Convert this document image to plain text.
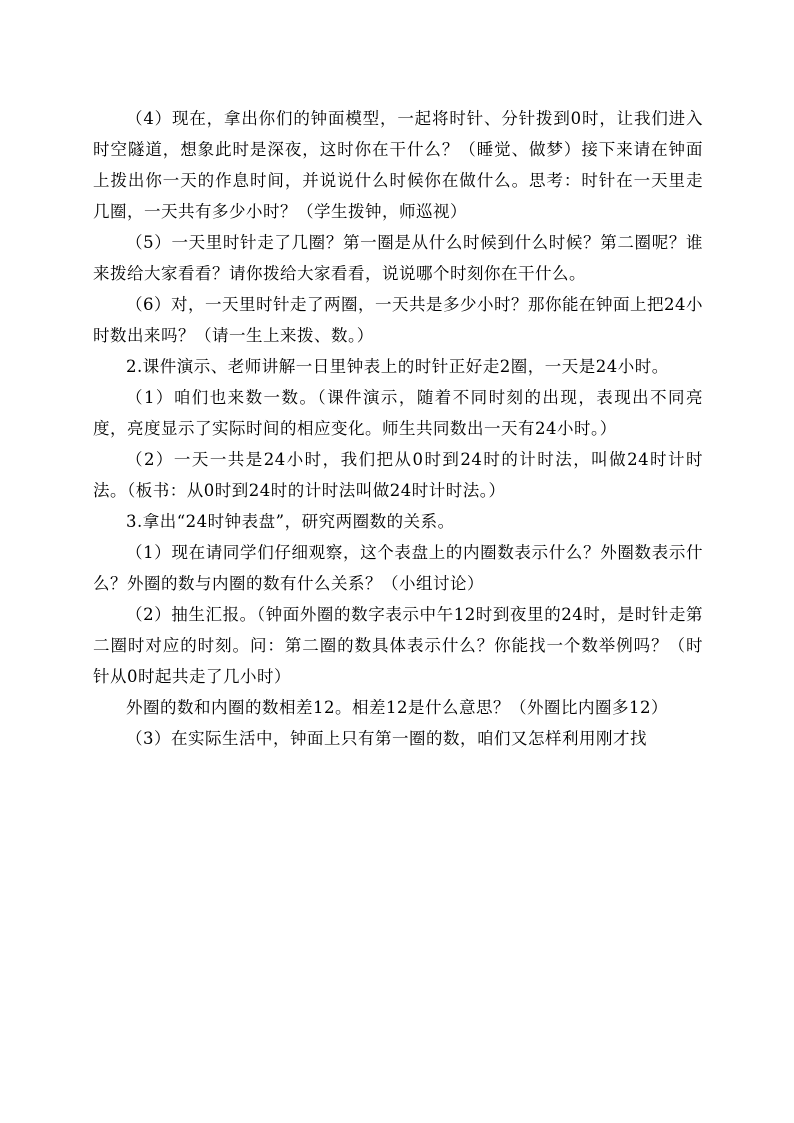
（4）现在，拿出你们的钟面模型，一起将时针、分针拨到0时，让我们进入时空隧道，想象此时是深夜，这时你在干什么？（睡觉、做梦）接下来请在钟面上拨出你一天的作息时间，并说说什么时候你在做什么。思考：时针在一天里走几圈，一天共有多少小时？（学生拨钟，师巡视）

（5）一天里时针走了几圈？第一圈是从什么时候到什么时候？第二圈呢？谁来拨给大家看看？请你拨给大家看看，说说哪个时刻你在干什么。

（6）对，一天里时针走了两圈，一天共是多少小时？那你能在钟面上把24小时数出来吗？（请一生上来拨、数。）

2.课件演示、老师讲解一日里钟表上的时针正好走2圈，一天是24小时。

（1）咱们也来数一数。（课件演示，随着不同时刻的出现，表现出不同亮度，亮度显示了实际时间的相应变化。师生共同数出一天有24小时。）

（2）一天一共是24小时，我们把从0时到24时的计时法，叫做24时计时法。（板书：从0时到24时的计时法叫做24时计时法。）

3.拿出“24时钟表盘”，研究两圈数的关系。

（1）现在请同学们仔细观察，这个表盘上的内圈数表示什么？外圈数表示什么？外圈的数与内圈的数有什么关系？（小组讨论）

（2）抽生汇报。（钟面外圈的数字表示中午12时到夜里的24时，是时针走第二圈时对应的时刻。问：第二圈的数具体表示什么？你能找一个数举例吗？（时针从0时起共走了几小时）

外圈的数和内圈的数相差12。相差12是什么意思？（外圈比内圈多12）

（3）在实际生活中，钟面上只有第一圈的数，咱们又怎样利用刚才找
